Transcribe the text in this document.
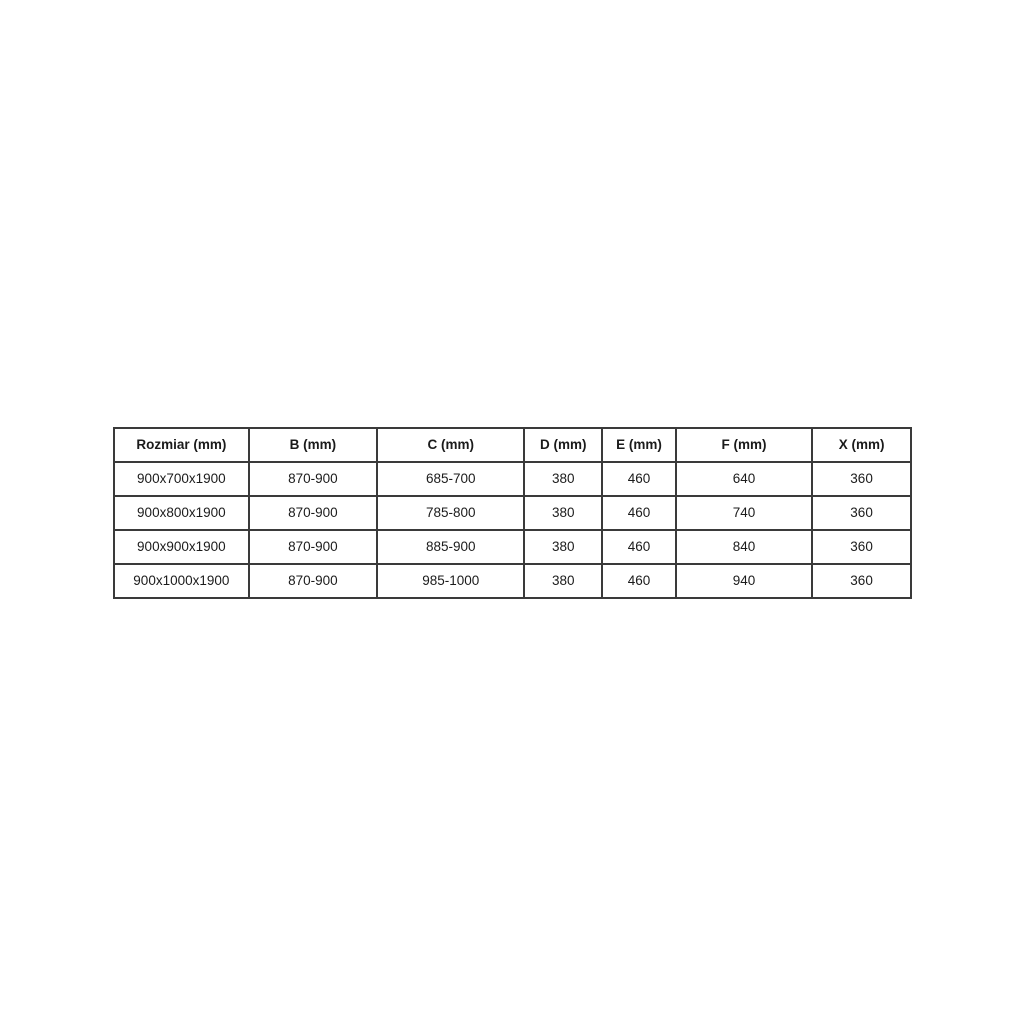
Rozmiar (mm)	B (mm)	C (mm)	D (mm)	E (mm)	F (mm)	X (mm)
900x700x1900	870-900	685-700	380	460	640	360
900x800x1900	870-900	785-800	380	460	740	360
900x900x1900	870-900	885-900	380	460	840	360
900x1000x1900	870-900	985-1000	380	460	940	360
